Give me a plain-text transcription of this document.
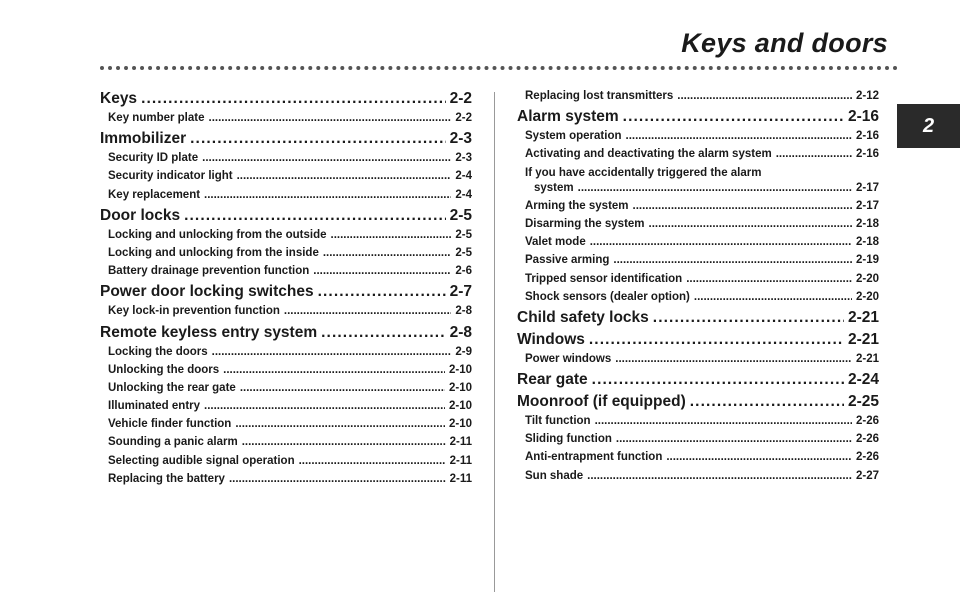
Keys and doors
2
Keys . . .	2-2
Key number plate . . .	2-2
Immobilizer . . .	2-3
Security ID plate . . .	2-3
Security indicator light . . .	2-4
Key replacement . . .	2-4
Door locks . . .	2-5
Locking and unlocking from the outside . . .	2-5
Locking and unlocking from the inside . . .	2-5
Battery drainage prevention function . . .	2-6
Power door locking switches . . .	2-7
Key lock-in prevention function . . .	2-8
Remote keyless entry system . . .	2-8
Locking the doors . . .	2-9
Unlocking the doors . . .	2-10
Unlocking the rear gate . . .	2-10
Illuminated entry . . .	2-10
Vehicle finder function . . .	2-10
Sounding a panic alarm . . .	2-11
Selecting audible signal operation . . .	2-11
Replacing the battery . . .	2-11
Replacing lost transmitters . . .	2-12
Alarm system . . .	2-16
System operation . . .	2-16
Activating and deactivating the alarm system . . .	2-16
If you have accidentally triggered the alarm
system . . .	2-17
Arming the system . . .	2-17
Disarming the system . . .	2-18
Valet mode . . .	2-18
Passive arming . . .	2-19
Tripped sensor identification . . .	2-20
Shock sensors (dealer option) . . .	2-20
Child safety locks . . .	2-21
Windows . . .	2-21
Power windows . . .	2-21
Rear gate . . .	2-24
Moonroof (if equipped) . . .	2-25
Tilt function . . .	2-26
Sliding function . . .	2-26
Anti-entrapment function . . .	2-26
Sun shade . . .	2-27
